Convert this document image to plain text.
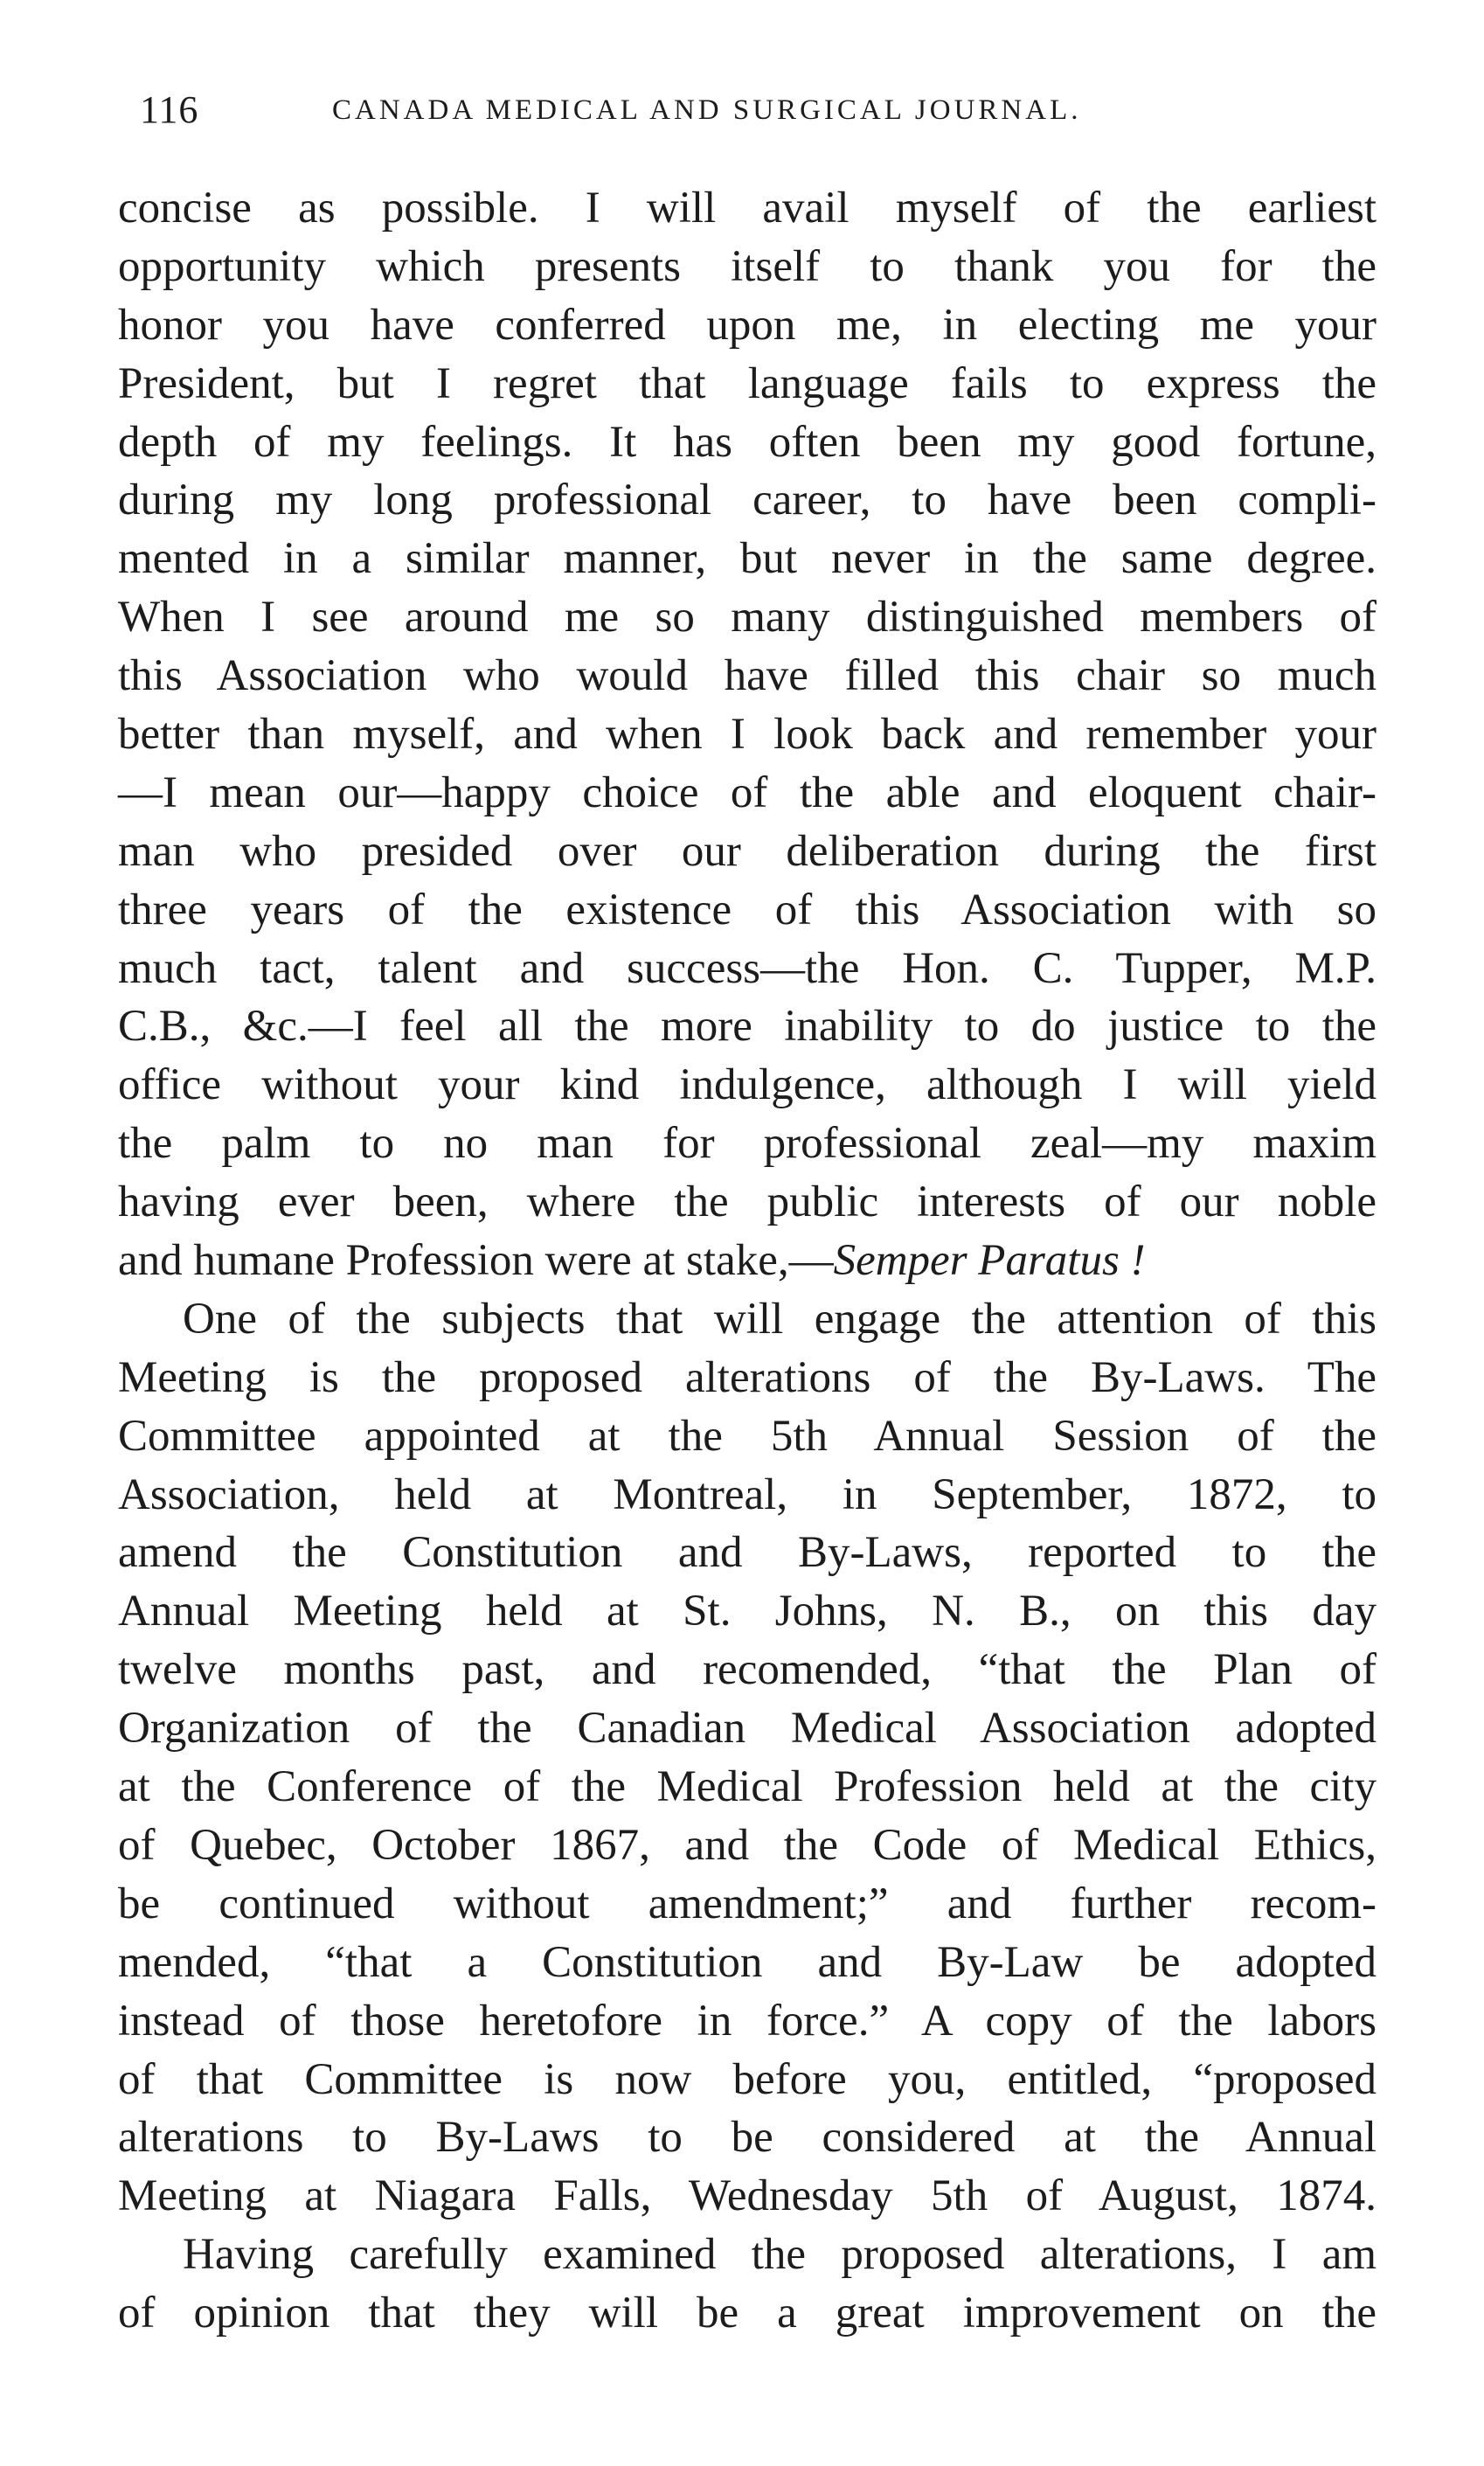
116	CANADA MEDICAL AND SURGICAL JOURNAL.
concise as possible. I will avail myself of the earliest
opportunity which presents itself to thank you for the
honor you have conferred upon me, in electing me your
President, but I regret that language fails to express the
depth of my feelings. It has often been my good fortune,
during my long professional career, to have been compli-
mented in a similar manner, but never in the same degree.
When I see around me so many distinguished members of
this Association who would have filled this chair so much
better than myself, and when I look back and remember your
—I mean our—happy choice of the able and eloquent chair-
man who presided over our deliberation during the first
three years of the existence of this Association with so
much tact, talent and success—the Hon. C. Tupper, M.P.
C.B., &c.—I feel all the more inability to do justice to the
office without your kind indulgence, although I will yield
the palm to no man for professional zeal—my maxim
having ever been, where the public interests of our noble
and humane Profession were at stake,—Semper Paratus !
One of the subjects that will engage the attention of this
Meeting is the proposed alterations of the By-Laws. The
Committee appointed at the 5th Annual Session of the
Association, held at Montreal, in September, 1872, to
amend the Constitution and By-Laws, reported to the
Annual Meeting held at St. Johns, N. B., on this day
twelve months past, and recomended, “that the Plan of
Organization of the Canadian Medical Association adopted
at the Conference of the Medical Profession held at the city
of Quebec, October 1867, and the Code of Medical Ethics,
be continued without amendment;” and further recom-
mended, “that a Constitution and By-Law be adopted
instead of those heretofore in force.” A copy of the labors
of that Committee is now before you, entitled, “proposed
alterations to By-Laws to be considered at the Annual
Meeting at Niagara Falls, Wednesday 5th of August, 1874.
Having carefully examined the proposed alterations, I am
of opinion that they will be a great improvement on the
